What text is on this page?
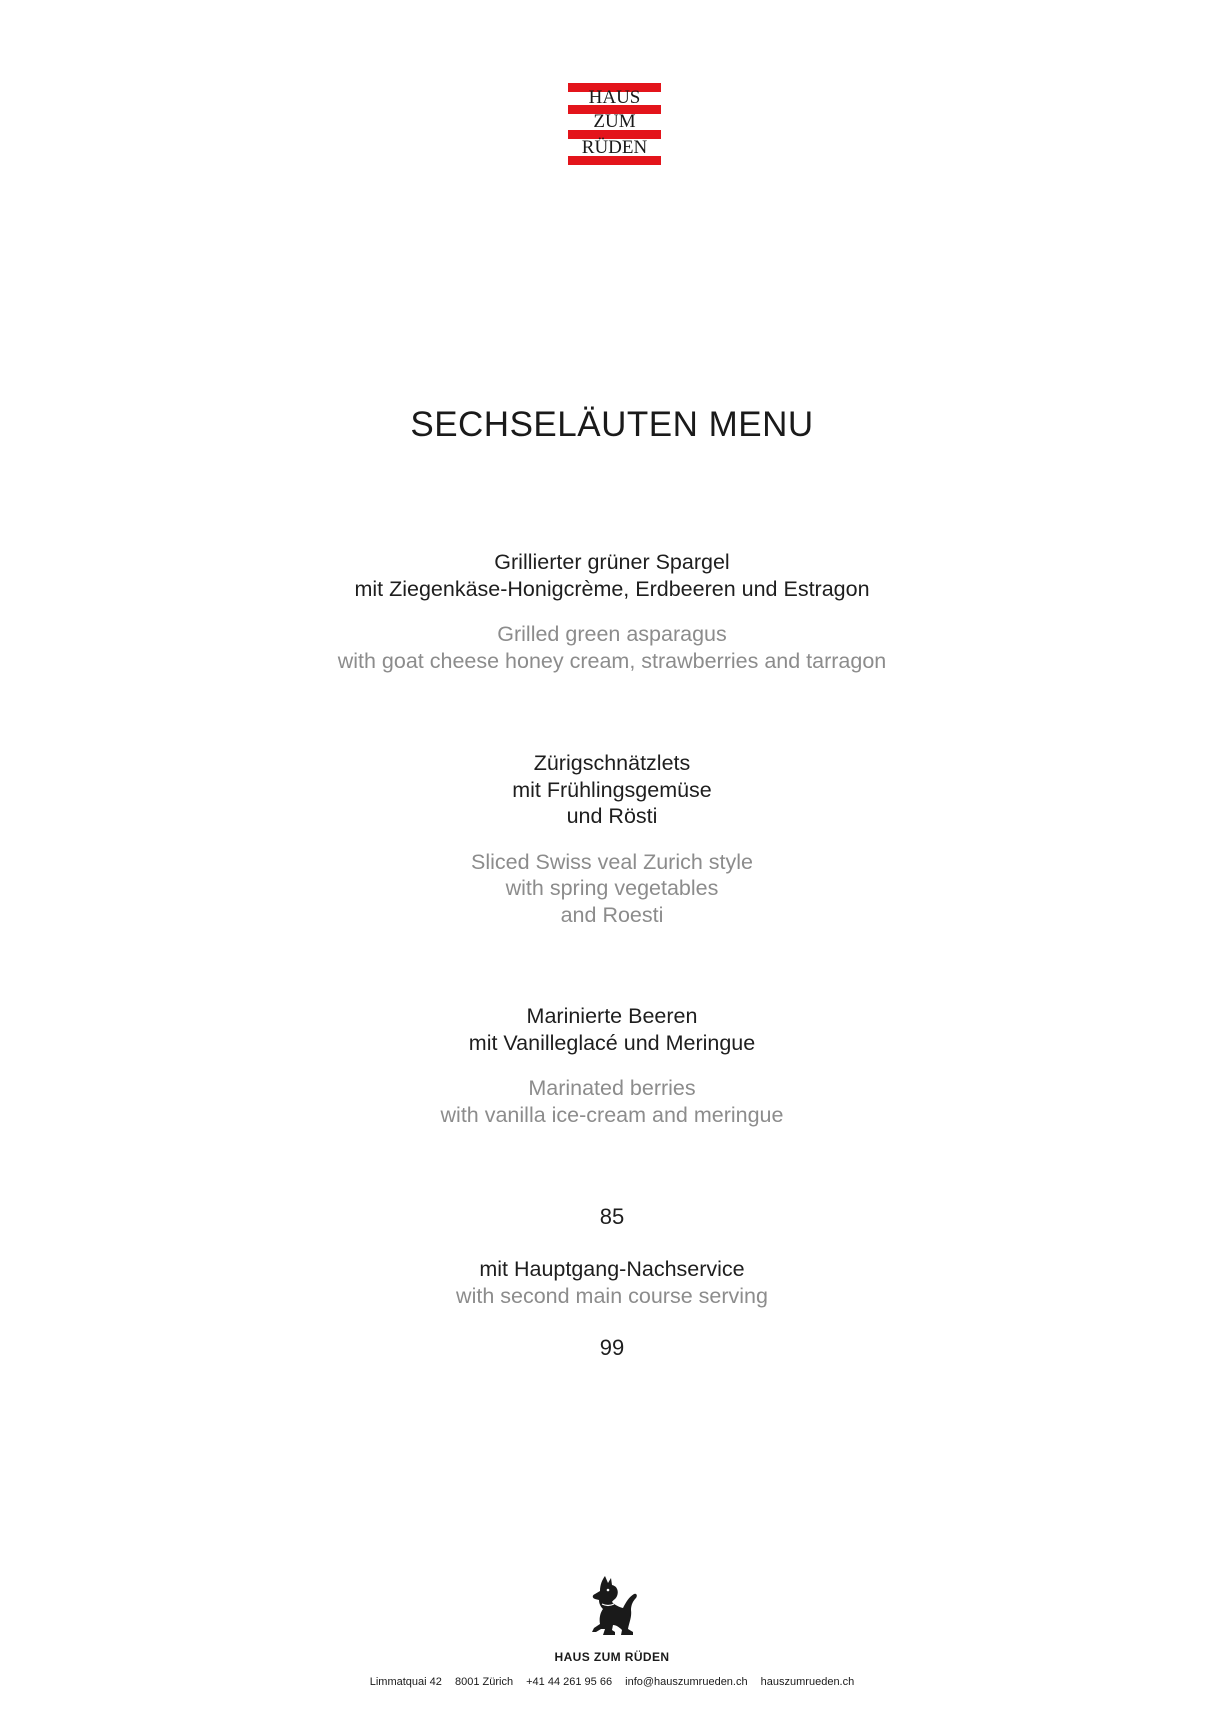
HAUS
ZUM
RÜDEN
SECHSELÄUTEN MENU
Grillierter grüner Spargel
mit Ziegenkäse-Honigcrème, Erdbeeren und Estragon
Grilled green asparagus
with goat cheese honey cream, strawberries and tarragon
Zürigschnätzlets
mit Frühlingsgemüse
und Rösti
Sliced Swiss veal Zurich style
with spring vegetables
and Roesti
Marinierte Beeren
mit Vanilleglacé und Meringue
Marinated berries
with vanilla ice-cream and meringue
85
mit Hauptgang-Nachservice
with second main course serving
99
HAUS ZUM RÜDEN
Limmatquai 42 8001 Zürich +41 44 261 95 66 info@hauszumrueden.ch hauszumrueden.ch
